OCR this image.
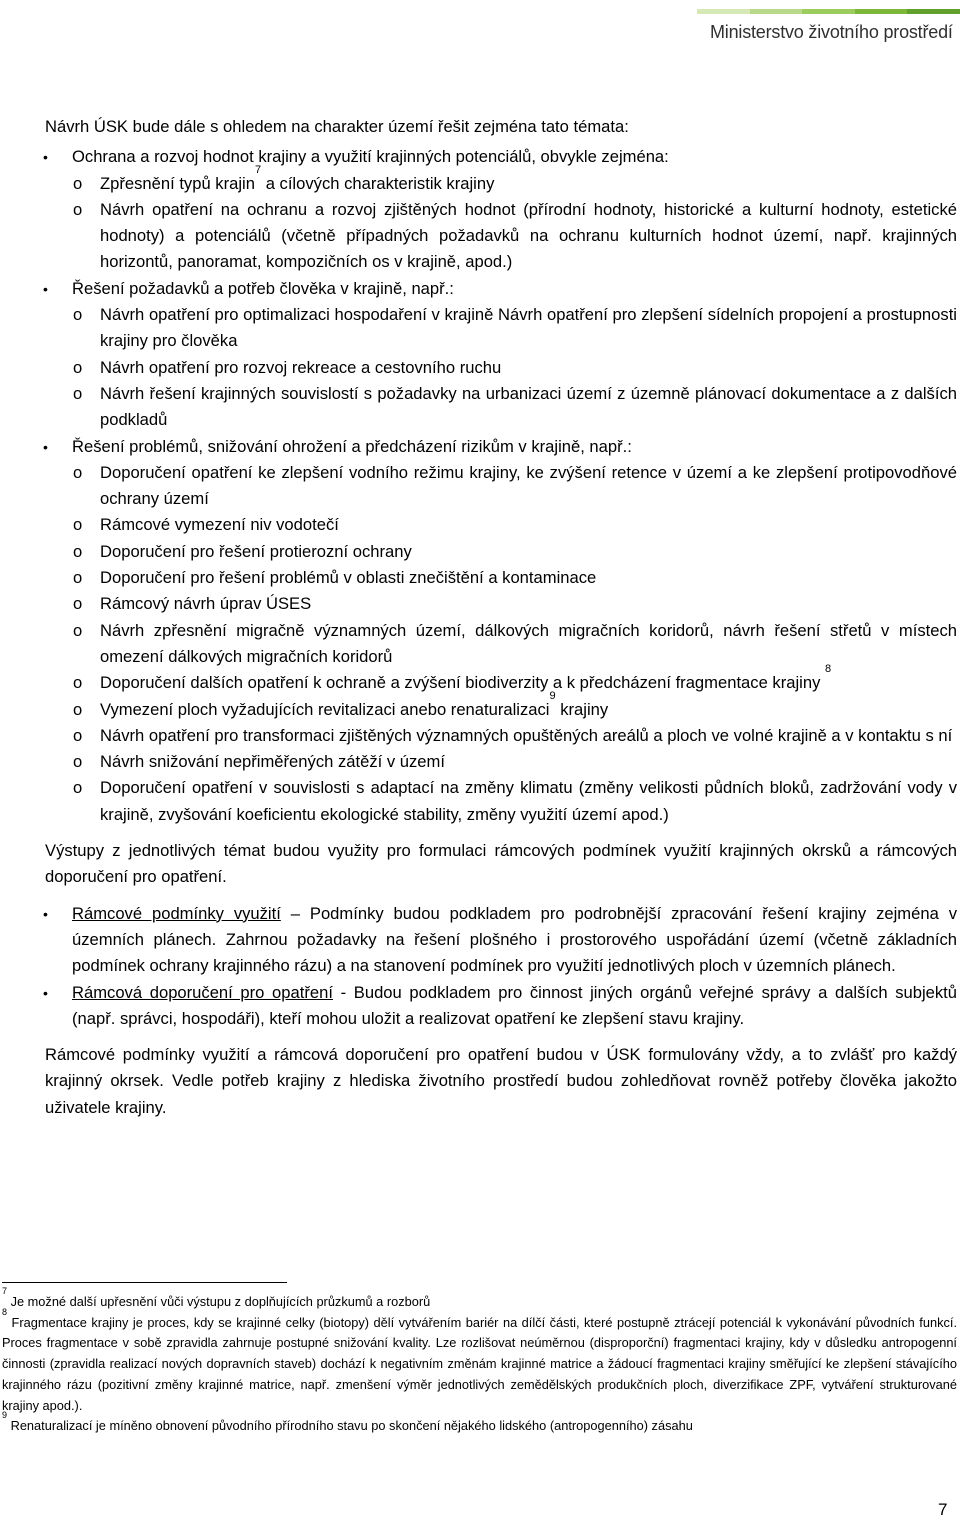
Ministerstvo životního prostředí

Návrh ÚSK bude dále s ohledem na charakter území řešit zejména tato témata:

• Ochrana a rozvoj hodnot krajiny a využití krajinných potenciálů, obvykle zejména:

o Zpřesnění typů krajin$^7$ a cílových charakteristik krajiny

o Návrh opatření na ochranu a rozvoj zjištěných hodnot (přírodní hodnoty, historické a kulturní hodnoty, estetické hodnoty) a potenciálů (včetně případných požadavků na ochranu kulturních hodnot území, např. krajinných horizontů, panoramat, kompozičních os v krajině, apod.)

• Řešení požadavků a potřeb člověka v krajině, např.:

o Návrh opatření pro optimalizaci hospodaření v krajině Návrh opatření pro zlepšení sídelních propojení a prostupnosti krajiny pro člověka

o Návrh opatření pro rozvoj rekreace a cestovního ruchu

o Návrh řešení krajinných souvislostí s požadavky na urbanizaci území z územně plánovací dokumentace a z dalších podkladů

• Řešení problémů, snižování ohrožení a předcházení rizikům v krajině, např.:

o Doporučení opatření ke zlepšení vodního režimu krajiny, ke zvýšení retence v území a ke zlepšení protipovodňové ochrany území

o Rámcové vymezení niv vodotečí

o Doporučení pro řešení protierozní ochrany

o Doporučení pro řešení problémů v oblasti znečištění a kontaminace

o Rámcový návrh úprav ÚSES

o Návrh zpřesnění migračně významných území, dálkových migračních koridorů, návrh řešení střetů v místech omezení dálkových migračních koridorů

o Doporučení dalších opatření k ochraně a zvýšení biodiverzity a k předcházení fragmentace krajiny $^8$

o Vymezení ploch vyžadujících revitalizaci anebo renaturalizaci$^9$ krajiny

o Návrh opatření pro transformaci zjištěných významných opuštěných areálů a ploch ve volné krajině a v kontaktu s ní

o Návrh snižování nepřiměřených zátěží v území

o Doporučení opatření v souvislosti s adaptací na změny klimatu (změny velikosti půdních bloků, zadržování vody v krajině, zvyšování koeficientu ekologické stability, změny využití území apod.)

Výstupy z jednotlivých témat budou využity pro formulaci rámcových podmínek využití krajinných okrsků a rámcových doporučení pro opatření.

• Rámcové podmínky využití – Podmínky budou podkladem pro podrobnější zpracování řešení krajiny zejména v územních plánech. Zahrnou požadavky na řešení plošného i prostorového uspořádání území (včetně základních podmínek ochrany krajinného rázu) a na stanovení podmínek pro využití jednotlivých ploch v územních plánech.

• Rámcová doporučení pro opatření - Budou podkladem pro činnost jiných orgánů veřejné správy a dalších subjektů (např. správci, hospodáři), kteří mohou uložit a realizovat opatření ke zlepšení stavu krajiny.

Rámcové podmínky využití a rámcová doporučení pro opatření budou v ÚSK formulovány vždy, a to zvlášť pro každý krajinný okrsek. Vedle potřeb krajiny z hlediska životního prostředí budou zohledňovat rovněž potřeby člověka jakožto uživatele krajiny.

$^7$ Je možné další upřesnění vůči výstupu z doplňujících průzkumů a rozborů

$^8$ Fragmentace krajiny je proces, kdy se krajinné celky (biotopy) dělí vytvářením bariér na dílčí části, které postupně ztrácejí potenciál k vykonávání původních funkcí. Proces fragmentace v sobě zpravidla zahrnuje postupné snižování kvality. Lze rozlišovat neúměrnou (disproporční) fragmentaci krajiny, kdy v důsledku antropogenní činnosti (zpravidla realizací nových dopravních staveb) dochází k negativním změnám krajinné matrice a žádoucí fragmentaci krajiny směřující ke zlepšení stávajícího krajinného rázu (pozitivní změny krajinné matrice, např. zmenšení výměr jednotlivých zemědělských produkčních ploch, diverzifikace ZPF, vytváření strukturované krajiny apod.).

$^9$ Renaturalizací je míněno obnovení původního přírodního stavu po skončení nějakého lidského (antropogenního) zásahu

7
